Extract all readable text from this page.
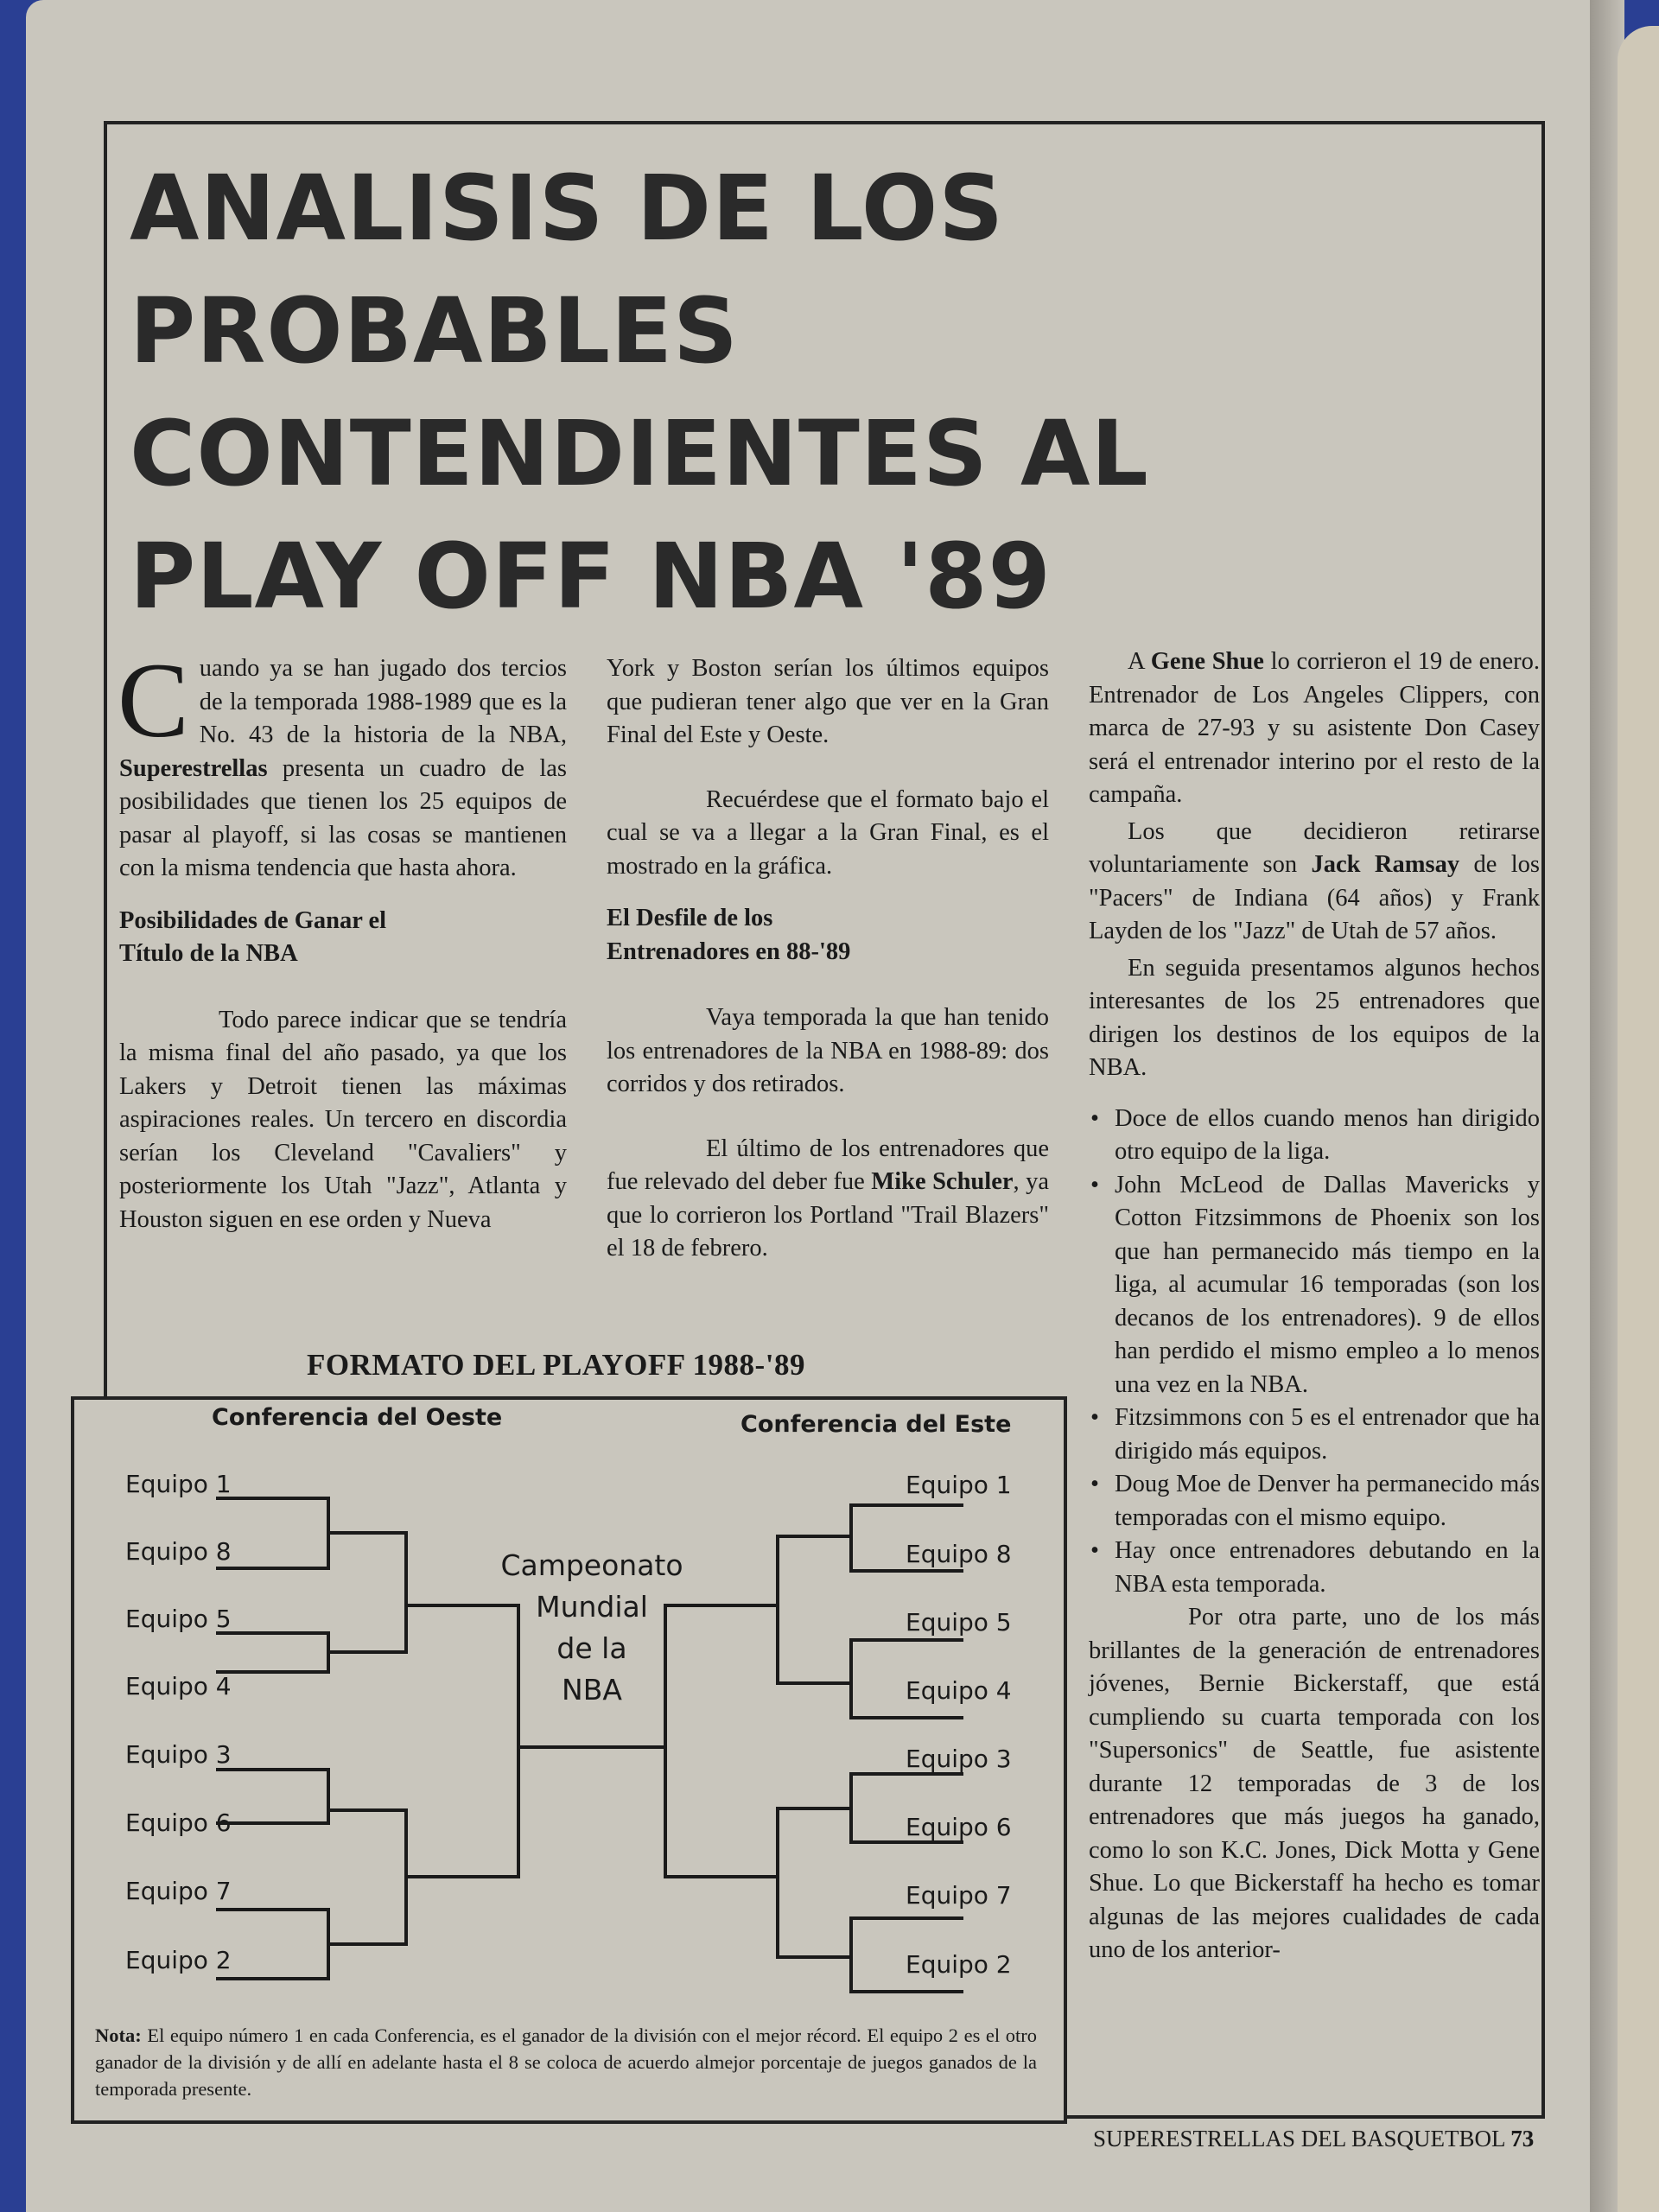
ANALISIS DE LOS
PROBABLES
CONTENDIENTES AL
PLAY OFF NBA '89

Cuando ya se han jugado dos tercios de la temporada 1988-1989 que es la No. 43 de la historia de la NBA, Superestrellas presenta un cuadro de las posibilidades que tienen los 25 equipos de pasar al playoff, si las cosas se mantienen con la misma tendencia que hasta ahora.

Posibilidades de Ganar el
Título de la NBA

Todo parece indicar que se tendría la misma final del año pasado, ya que los Lakers y Detroit tienen las máximas aspiraciones reales. Un tercero en discordia serían los Cleveland "Cavaliers" y posteriormente los Utah "Jazz", Atlanta y Houston siguen en ese orden y Nueva

York y Boston serían los últimos equipos que pudieran tener algo que ver en la Gran Final del Este y Oeste.

Recuérdese que el formato bajo el cual se va a llegar a la Gran Final, es el mostrado en la gráfica.

El Desfile de los
Entrenadores en 88-'89

Vaya temporada la que han tenido los entrenadores de la NBA en 1988-89: dos corridos y dos retirados.

El último de los entrenadores que fue relevado del deber fue Mike Schuler, ya que lo corrieron los Portland "Trail Blazers" el 18 de febrero.

A Gene Shue lo corrieron el 19 de enero. Entrenador de Los Angeles Clippers, con marca de 27-93 y su asistente Don Casey será el entrenador interino por el resto de la campaña.

Los que decidieron retirarse voluntariamente son Jack Ramsay de los "Pacers" de Indiana (64 años) y Frank Layden de los "Jazz" de Utah de 57 años.

En seguida presentamos algunos hechos interesantes de los 25 entrenadores que dirigen los destinos de los equipos de la NBA.

• Doce de ellos cuando menos han dirigido otro equipo de la liga.
• John McLeod de Dallas Mavericks y Cotton Fitzsimmons de Phoenix son los que han permanecido más tiempo en la liga, al acumular 16 temporadas (son los decanos de los entrenadores). 9 de ellos han perdido el mismo empleo a lo menos una vez en la NBA.
• Fitzsimmons con 5 es el entrenador que ha dirigido más equipos.
• Doug Moe de Denver ha permanecido más temporadas con el mismo equipo.
• Hay once entrenadores debutando en la NBA esta temporada.

Por otra parte, uno de los más brillantes de la generación de entrenadores jóvenes, Bernie Bickerstaff, que está cumpliendo su cuarta temporada con los "Supersonics" de Seattle, fue asistente durante 12 temporadas de 3 de los entrenadores que más juegos ha ganado, como lo son K.C. Jones, Dick Motta y Gene Shue. Lo que Bickerstaff ha hecho es tomar algunas de las mejores cualidades de cada uno de los anterior-

FORMATO DEL PLAYOFF 1988-'89
Conferencia del Oeste	Conferencia del Este
Equipo 1
Equipo 8
Equipo 5
Equipo 4
Equipo 3
Equipo 6
Equipo 7
Equipo 2
Equipo 1
Equipo 8
Equipo 5
Equipo 4
Equipo 3
Equipo 6
Equipo 7
Equipo 2
Campeonato
Mundial
de la
NBA
Nota: El equipo número 1 en cada Conferencia, es el ganador de la división con el mejor récord. El equipo 2 es el otro ganador de la división y de allí en adelante hasta el 8 se coloca de acuerdo almejor porcentaje de juegos ganados de la temporada presente.
SUPERESTRELLAS DEL BASQUETBOL 73
